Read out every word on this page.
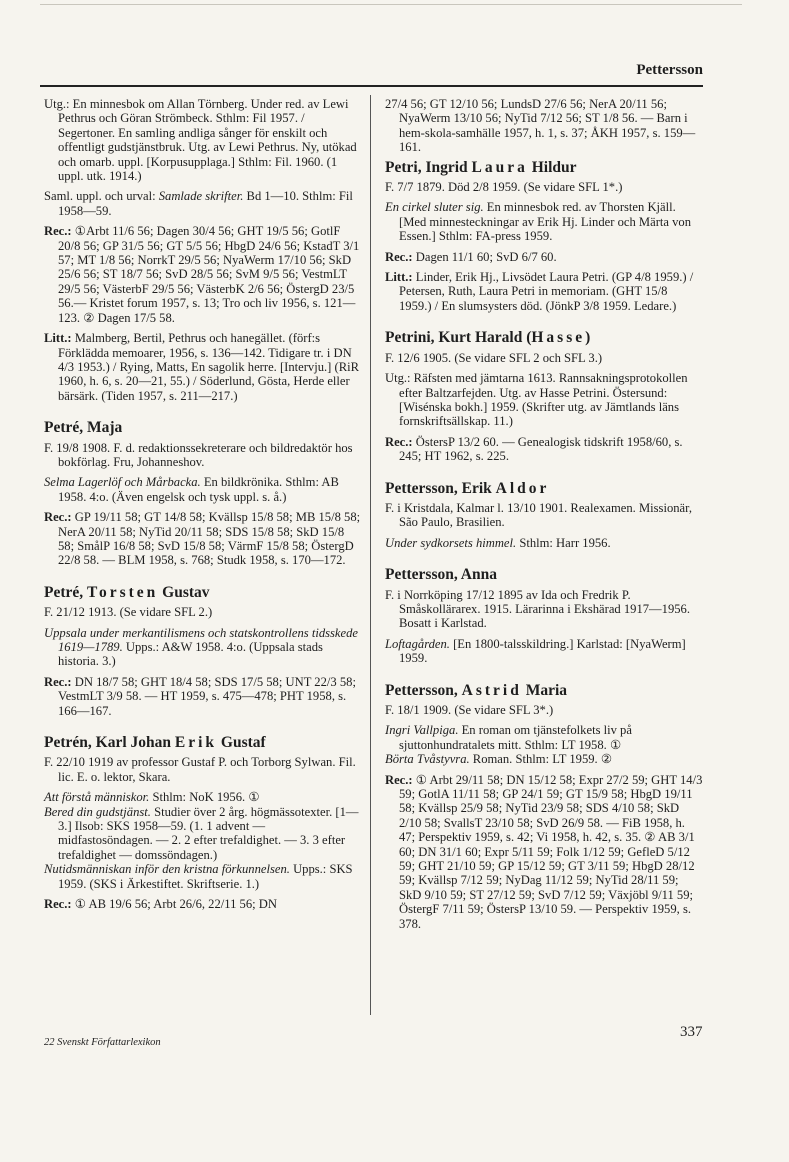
Pettersson

Utg.: En minnesbok om Allan Törnberg. Under red. av Lewi Pethrus och Göran Strömbeck. Sthlm: Fil 1957. / Segertoner. En samling andliga sånger för enskilt och offentligt gudstjänstbruk. Utg. av Lewi Pethrus. Ny, utökad och omarb. uppl. [Korpusupplaga.] Sthlm: Fil. 1960. (1 uppl. utk. 1914.)

Saml. uppl. och urval: Samlade skrifter. Bd 1—10. Sthlm: Fil 1958—59.

Rec.: ①Arbt 11/6 56; Dagen 30/4 56; GHT 19/5 56; GotlF 20/8 56; GP 31/5 56; GT 5/5 56; HbgD 24/6 56; KstadT 3/1 57; MT 1/8 56; NorrkT 29/5 56; NyaWerm 17/10 56; SkD 25/6 56; ST 18/7 56; SvD 28/5 56; SvM 9/5 56; VestmLT 29/5 56; VästerbF 29/5 56; VästerbK 2/6 56; ÖstergD 23/5 56.— Kristet forum 1957, s. 13; Tro och liv 1956, s. 121—123. ② Dagen 17/5 58.

Litt.: Malmberg, Bertil, Pethrus och hanegället. (förf:s Förklädda memoarer, 1956, s. 136—142. Tidigare tr. i DN 4/3 1953.) / Rying, Matts, En sagolik herre. [Intervju.] (RiR 1960, h. 6, s. 20—21, 55.) / Söderlund, Gösta, Herde eller bärsärk. (Tiden 1957, s. 211—217.)

Petré, Maja

F. 19/8 1908. F. d. redaktionssekreterare och bildredaktör hos bokförlag. Fru, Johanneshov.

Selma Lagerlöf och Mårbacka. En bildkrönika. Sthlm: AB 1958. 4:o. (Även engelsk och tysk uppl. s. å.)

Rec.: GP 19/11 58; GT 14/8 58; Kvällsp 15/8 58; MB 15/8 58; NerA 20/11 58; NyTid 20/11 58; SDS 15/8 58; SkD 15/8 58; SmålP 16/8 58; SvD 15/8 58; VärmF 15/8 58; ÖstergD 22/8 58. — BLM 1958, s. 768; Studk 1958, s. 170—172.

Petré, Torsten Gustav

F. 21/12 1913. (Se vidare SFL 2.)

Uppsala under merkantilismens och statskontrollens tidsskede 1619—1789. Upps.: A&W 1958. 4:o. (Uppsala stads historia. 3.)

Rec.: DN 18/7 58; GHT 18/4 58; SDS 17/5 58; UNT 22/3 58; VestmLT 3/9 58. — HT 1959, s. 475—478; PHT 1958, s. 166—167.

Petrén, Karl Johan Erik Gustaf

F. 22/10 1919 av professor Gustaf P. och Torborg Sylwan. Fil. lic. E. o. lektor, Skara.

Att förstå människor. Sthlm: NoK 1956. ①

Bered din gudstjänst. Studier över 2 årg. högmässotexter. [1—3.] Ilsob: SKS 1958—59. (1. 1 advent — midfastosöndagen. — 2. 2 efter trefaldighet. — 3. 3 efter trefaldighet — domssöndagen.)

Nutidsmänniskan inför den kristna förkunnelsen. Upps.: SKS 1959. (SKS i Ärkestiftet. Skriftserie. 1.)

Rec.: ① AB 19/6 56; Arbt 26/6, 22/11 56; DN

27/4 56; GT 12/10 56; LundsD 27/6 56; NerA 20/11 56; NyaWerm 13/10 56; NyTid 7/12 56; ST 1/8 56. — Barn i hem-skola-samhälle 1957, h. 1, s. 37; ÅKH 1957, s. 159—161.

Petri, Ingrid Laura Hildur

F. 7/7 1879. Död 2/8 1959. (Se vidare SFL 1*.)

En cirkel sluter sig. En minnesbok red. av Thorsten Kjäll. [Med minnesteckningar av Erik Hj. Linder och Märta von Essen.] Sthlm: FA-press 1959.

Rec.: Dagen 11/1 60; SvD 6/7 60.

Litt.: Linder, Erik Hj., Livsödet Laura Petri. (GP 4/8 1959.) / Petersen, Ruth, Laura Petri in memoriam. (GHT 15/8 1959.) / En slumsysters död. (JönkP 3/8 1959. Ledare.)

Petrini, Kurt Harald (Hasse)

F. 12/6 1905. (Se vidare SFL 2 och SFL 3.)

Utg.: Räfsten med jämtarna 1613. Rannsakningsprotokollen efter Baltzarfejden. Utg. av Hasse Petrini. Östersund: [Wisénska bokh.] 1959. (Skrifter utg. av Jämtlands läns fornskriftsällskap. 11.)

Rec.: ÖstersP 13/2 60. — Genealogisk tidskrift 1958/60, s. 245; HT 1962, s. 225.

Pettersson, Erik Aldor

F. i Kristdala, Kalmar l. 13/10 1901. Realexamen. Missionär, São Paulo, Brasilien.

Under sydkorsets himmel. Sthlm: Harr 1956.

Pettersson, Anna

F. i Norrköping 17/12 1895 av Ida och Fredrik P. Småskollärarex. 1915. Lärarinna i Ekshärad 1917—1956. Bosatt i Karlstad.

Loftagården. [En 1800-talsskildring.] Karlstad: [NyaWerm] 1959.

Pettersson, Astrid Maria

F. 18/1 1909. (Se vidare SFL 3*.)

Ingri Vallpiga. En roman om tjänstefolkets liv på sjuttonhundratalets mitt. Sthlm: LT 1958. ①

Börta Tvåstyvra. Roman. Sthlm: LT 1959. ②

Rec.: ① Arbt 29/11 58; DN 15/12 58; Expr 27/2 59; GHT 14/3 59; GotlA 11/11 58; GP 24/1 59; GT 15/9 58; HbgD 19/11 58; Kvällsp 25/9 58; NyTid 23/9 58; SDS 4/10 58; SkD 2/10 58; SvallsT 23/10 58; SvD 26/9 58. — FiB 1958, h. 47; Perspektiv 1959, s. 42; Vi 1958, h. 42, s. 35. ② AB 3/1 60; DN 31/1 60; Expr 5/11 59; Folk 1/12 59; GefleD 5/12 59; GHT 21/10 59; GP 15/12 59; GT 3/11 59; HbgD 28/12 59; Kvällsp 7/12 59; NyDag 11/12 59; NyTid 28/11 59; SkD 9/10 59; ST 27/12 59; SvD 7/12 59; Växjöbl 9/11 59; ÖstergF 7/11 59; ÖstersP 13/10 59. — Perspektiv 1959, s. 378.

22 Svenskt Författarlexikon
337
